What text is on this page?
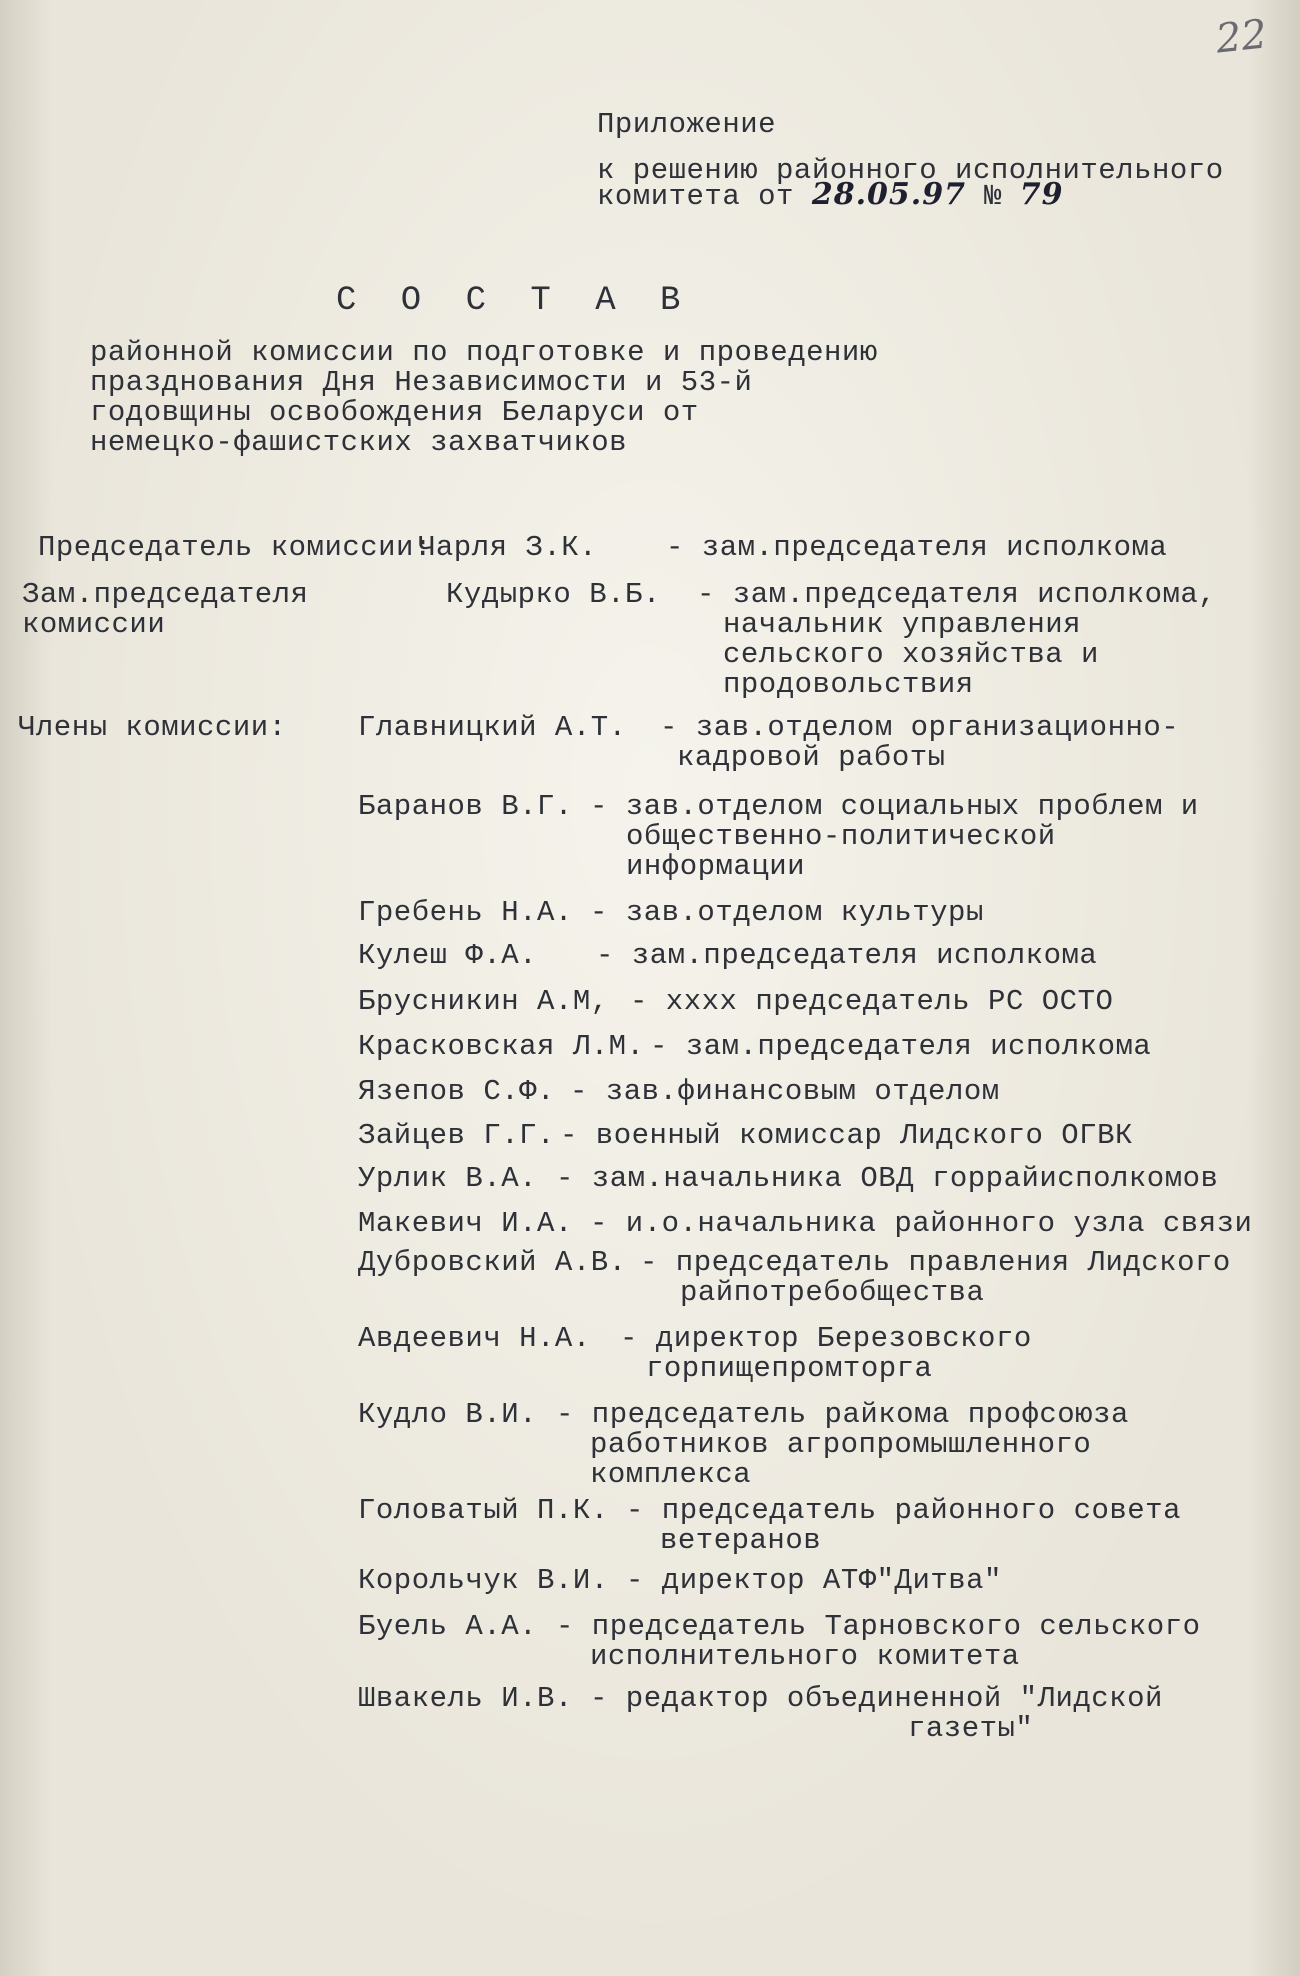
22
Приложение
к решению районного исполнительного
комитета от 28.05.97 № 79
С О С Т А В
районной комиссии по подготовке и проведению
празднования Дня Независимости и 53-й
годовщины освобождения Беларуси от
немецко-фашистских захватчиков
Председатель комиссии:
Чарля З.К. - зам.председателя исполкома
Зам.председателя
комиссии
Кудырко В.Б. - зам.председателя исполкома,
начальник управления
сельского хозяйства и
продовольствия
Члены комиссии: Главницкий А.Т. - зав.отделом организационно-
кадровой работы
Баранов В.Г. - зав.отделом социальных проблем и
общественно-политической
информации
Гребень Н.А. - зав.отделом культуры
Кулеш Ф.А. - зам.председателя исполкома
Брусникин А.М, - хххх председатель РС ОСТО
Красковская Л.М. - зам.председателя исполкома
Язепов С.Ф. - зав.финансовым отделом
Зайцев Г.Г. - военный комиссар Лидского ОГВК
Урлик В.А. - зам.начальника ОВД горрайисполкомов
Макевич И.А. - и.о.начальника районного узла связи
Дубровский А.В. - председатель правления Лидского
райпотребобщества
Авдеевич Н.А. - директор Березовского
горпищепромторга
Кудло В.И. - председатель райкома профсоюза
работников агропромышленного
комплекса
Головатый П.К. - председатель районного совета
ветеранов
Корольчук В.И. - директор АТФ"Дитва"
Буель А.А. - председатель Тарновского сельского
исполнительного комитета
Швакель И.В. - редактор объединенной "Лидской
газеты"
